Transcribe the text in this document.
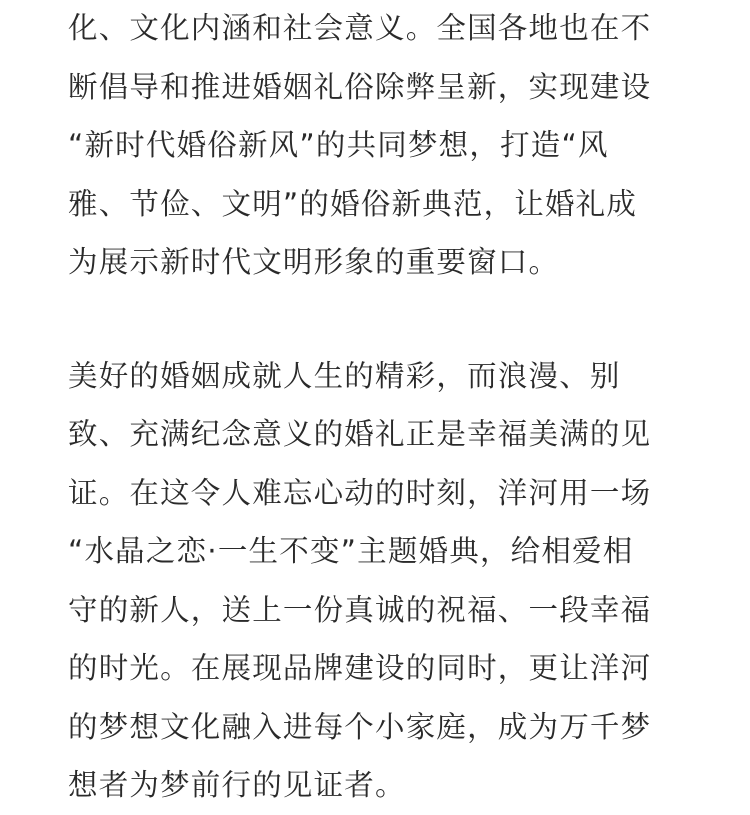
化、文化内涵和社会意义。全国各地也在不
断倡导和推进婚姻礼俗除弊呈新，实现建设
“新时代婚俗新风”的共同梦想，打造“风
雅、节俭、文明”的婚俗新典范，让婚礼成
为展示新时代文明形象的重要窗口。

美好的婚姻成就人生的精彩，而浪漫、别
致、充满纪念意义的婚礼正是幸福美满的见
证。在这令人难忘心动的时刻，洋河用一场
“水晶之恋·一生不变”主题婚典，给相爱相
守的新人，送上一份真诚的祝福、一段幸福
的时光。在展现品牌建设的同时，更让洋河
的梦想文化融入进每个小家庭，成为万千梦
想者为梦前行的见证者。
